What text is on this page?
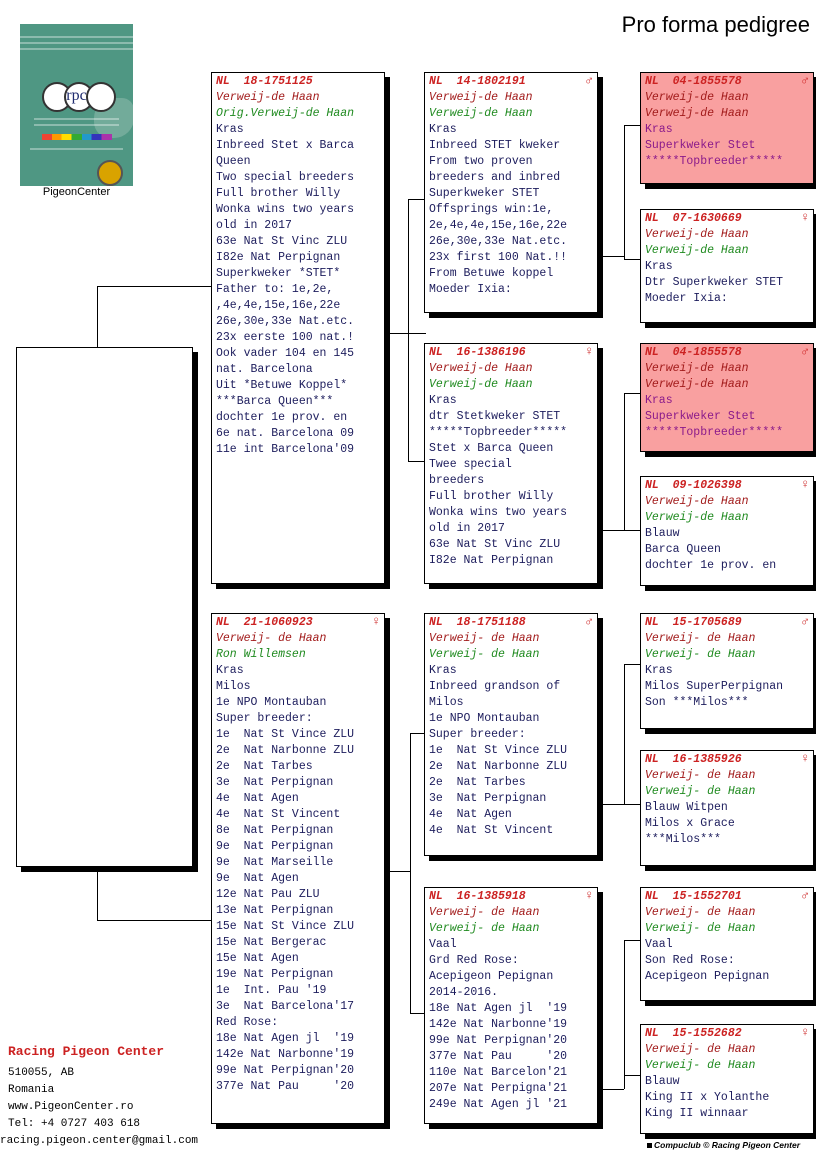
Pro forma pedigree
rpc
PigeonCenter
NL  18-1751125
Verweij-de Haan
Orig.Verweij-de Haan
Kras
Inbreed Stet x Barca
Queen
Two special breeders
Full brother Willy
Wonka wins two years
old in 2017
63e Nat St Vinc ZLU
I82e Nat Perpignan
Superkweker *STET*
Father to: 1e,2e,
,4e,4e,15e,16e,22e
26e,30e,33e Nat.etc.
23x eerste 100 nat.!
Ook vader 104 en 145
nat. Barcelona
Uit *Betuwe Koppel*
***Barca Queen***
dochter 1e prov. en
6e nat. Barcelona 09
11e int Barcelona'09
NL  21-1060923	♀
Verweij- de Haan
Ron Willemsen
Kras
Milos
1e NPO Montauban
Super breeder:
1e  Nat St Vince ZLU
2e  Nat Narbonne ZLU
2e  Nat Tarbes
3e  Nat Perpignan
4e  Nat Agen
4e  Nat St Vincent
8e  Nat Perpignan
9e  Nat Perpignan
9e  Nat Marseille
9e  Nat Agen
12e Nat Pau ZLU
13e Nat Perpignan
15e Nat St Vince ZLU
15e Nat Bergerac
15e Nat Agen
19e Nat Perpignan
1e  Int. Pau '19
3e  Nat Barcelona'17
Red Rose:
18e Nat Agen jl  '19
142e Nat Narbonne'19
99e Nat Perpignan'20
377e Nat Pau     '20
NL  14-1802191	♂
Verweij-de Haan
Verweij-de Haan
Kras
Inbreed STET kweker
From two proven
breeders and inbred
Superkweker STET
Offsprings win:1e,
2e,4e,4e,15e,16e,22e
26e,30e,33e Nat.etc.
23x first 100 Nat.!!
From Betuwe koppel
Moeder Ixia:
NL  16-1386196	♀
Verweij-de Haan
Verweij-de Haan
Kras
dtr Stetkweker STET
*****Topbreeder*****
Stet x Barca Queen
Twee special
breeders
Full brother Willy
Wonka wins two years
old in 2017
63e Nat St Vinc ZLU
I82e Nat Perpignan
NL  18-1751188	♂
Verweij- de Haan
Verweij- de Haan
Kras
Inbreed grandson of
Milos
1e NPO Montauban
Super breeder:
1e  Nat St Vince ZLU
2e  Nat Narbonne ZLU
2e  Nat Tarbes
3e  Nat Perpignan
4e  Nat Agen
4e  Nat St Vincent
NL  16-1385918	♀
Verweij- de Haan
Verweij- de Haan
Vaal
Grd Red Rose:
Acepigeon Pepignan
2014-2016.
18e Nat Agen jl  '19
142e Nat Narbonne'19
99e Nat Perpignan'20
377e Nat Pau     '20
110e Nat Barcelon'21
207e Nat Perpigna'21
249e Nat Agen jl '21
NL  04-1855578	♂
Verweij-de Haan
Verweij-de Haan
Kras
Superkweker Stet
*****Topbreeder*****
NL  07-1630669	♀
Verweij-de Haan
Verweij-de Haan
Kras
Dtr Superkweker STET
Moeder Ixia:
NL  04-1855578	♂
Verweij-de Haan
Verweij-de Haan
Kras
Superkweker Stet
*****Topbreeder*****
NL  09-1026398	♀
Verweij-de Haan
Verweij-de Haan
Blauw
Barca Queen
dochter 1e prov. en
NL  15-1705689	♂
Verweij- de Haan
Verweij- de Haan
Kras
Milos SuperPerpignan
Son ***Milos***
NL  16-1385926	♀
Verweij- de Haan
Verweij- de Haan
Blauw Witpen
Milos x Grace
***Milos***
NL  15-1552701	♂
Verweij- de Haan
Verweij- de Haan
Vaal
Son Red Rose:
Acepigeon Pepignan
NL  15-1552682	♀
Verweij- de Haan
Verweij- de Haan
Blauw
King II x Yolanthe
King II winnaar
Racing Pigeon Center
510055, AB
Romania
www.PigeonCenter.ro
Tel: +4 0727 403 618
racing.pigeon.center@gmail.com	Compuclub © Racing Pigeon Center
